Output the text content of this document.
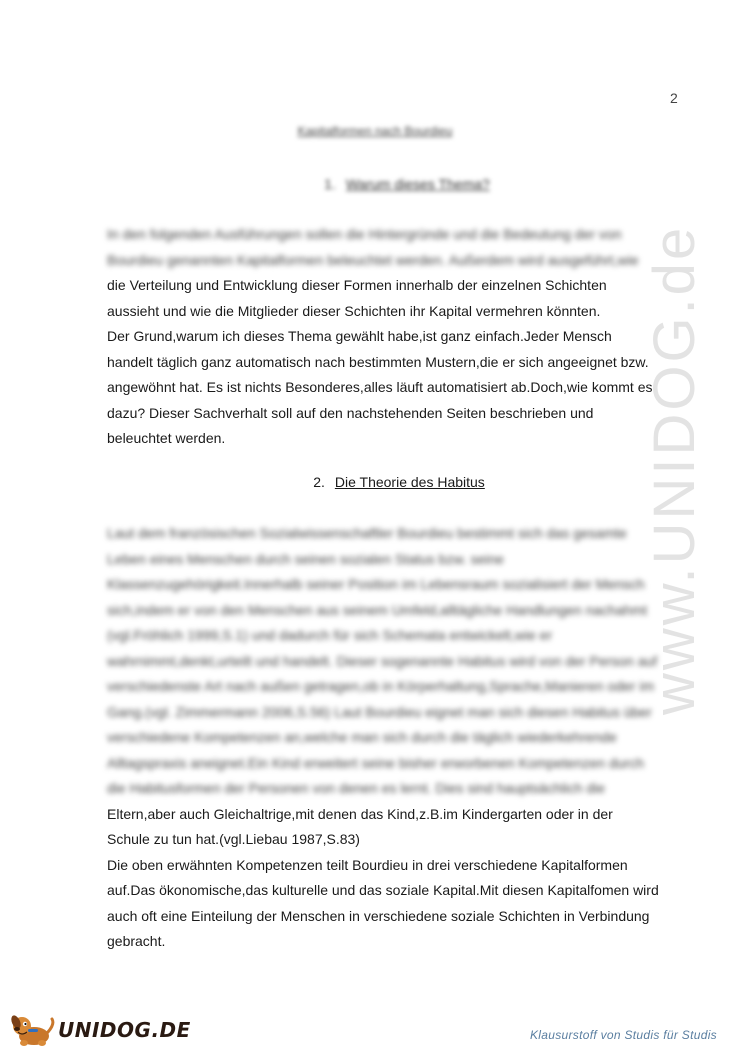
2
Kapitalformen nach Bourdieu
1. Warum dieses Thema?
In den folgenden Ausführungen sollen die Hintergründe und die Bedeutung der von
Bourdieu genannten Kapitalformen beleuchtet werden. Außerdem wird ausgeführt,wie
die Verteilung und Entwicklung dieser Formen innerhalb der einzelnen Schichten
aussieht und wie die Mitglieder dieser Schichten ihr Kapital vermehren könnten.
Der Grund,warum ich dieses Thema gewählt habe,ist ganz einfach.Jeder Mensch
handelt täglich ganz automatisch nach bestimmten Mustern,die er sich angeeignet bzw.
angewöhnt hat. Es ist nichts Besonderes,alles läuft automatisiert ab.Doch,wie kommt es
dazu? Dieser Sachverhalt soll auf den nachstehenden Seiten beschrieben und
beleuchtet werden.
2. Die Theorie des Habitus
Laut dem französischen Sozialwissenschaftler Bourdieu bestimmt sich das gesamte
Leben eines Menschen durch seinen sozialen Status bzw. seine
Klassenzugehörigkeit.Innerhalb seiner Position im Lebensraum sozialisiert der Mensch
sich,indem er von den Menschen aus seinem Umfeld,alltägliche Handlungen nachahmt
(vgl.Fröhlich 1999,S.1) und dadurch für sich Schemata entwickelt,wie er
wahrnimmt,denkt,urteilt und handelt. Dieser sogenannte Habitus wird von der Person auf
verschiedenste Art nach außen getragen,ob in Körperhaltung,Sprache,Manieren oder im
Gang.(vgl. Zimmermann 2006,S.56) Laut Bourdieu eignet man sich diesen Habitus über
verschiedene Kompetenzen an,welche man sich durch die täglich wiederkehrende
Alltagspraxis aneignet.Ein Kind erweitert seine bisher erworbenen Kompetenzen durch
die Habitusformen der Personen von denen es lernt. Dies sind hauptsächlich die
Eltern,aber auch Gleichaltrige,mit denen das Kind,z.B.im Kindergarten oder in der
Schule zu tun hat.(vgl.Liebau 1987,S.83)
Die oben erwähnten Kompetenzen teilt Bourdieu in drei verschiedene Kapitalformen
auf.Das ökonomische,das kulturelle und das soziale Kapital.Mit diesen Kapitalfomen wird
auch oft eine Einteilung der Menschen in verschiedene soziale Schichten in Verbindung
gebracht.
www.UNIDOG.de
UNIDOG.DE	Klausurstoff von Studis für Studis
